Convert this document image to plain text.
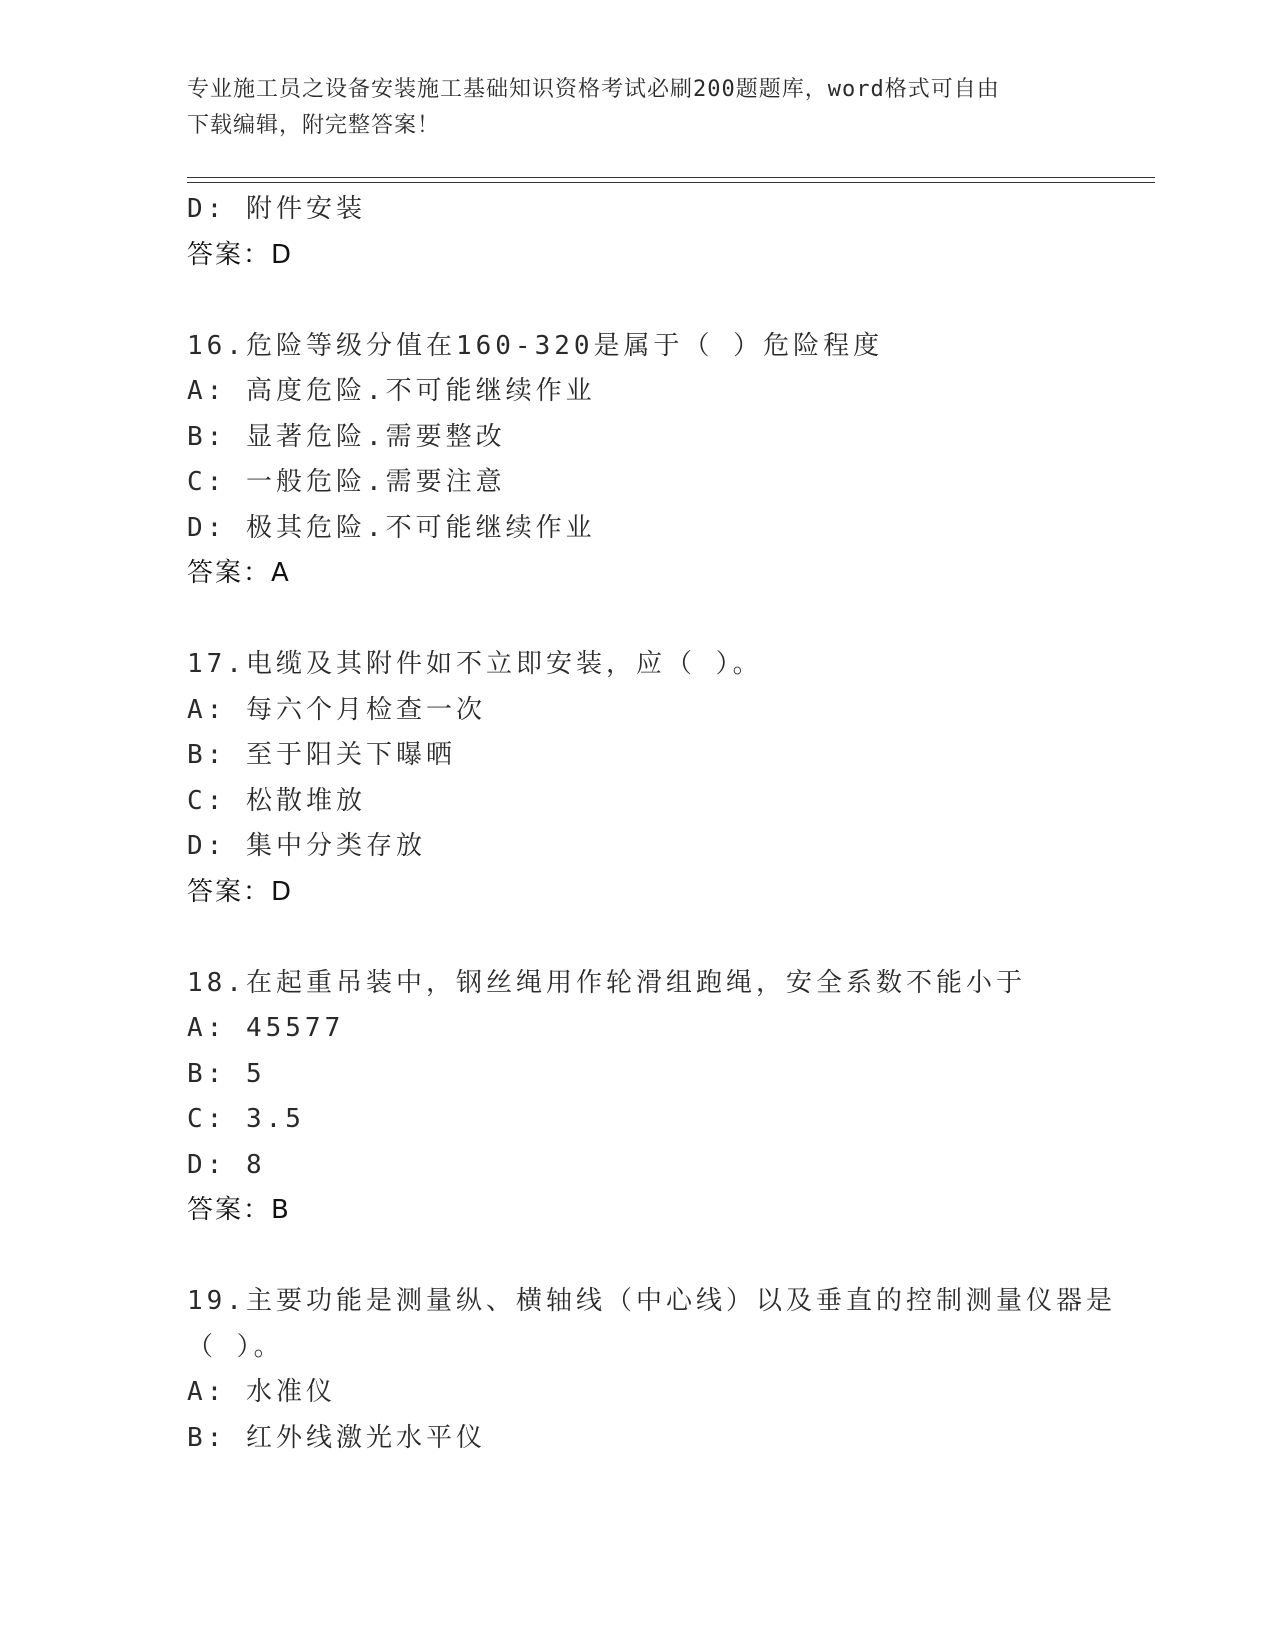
专业施工员之设备安装施工基础知识资格考试必刷200题题库，word格式可自由
下载编辑，附完整答案！
D: 附件安装
答案：D
16.危险等级分值在160-320是属于（ ）危险程度
A: 高度危险.不可能继续作业
B: 显著危险.需要整改
C: 一般危险.需要注意
D: 极其危险.不可能继续作业
答案：A
17.电缆及其附件如不立即安装，应（ ）。
A: 每六个月检查一次
B: 至于阳关下曝晒
C: 松散堆放
D: 集中分类存放
答案：D
18.在起重吊装中，钢丝绳用作轮滑组跑绳，安全系数不能小于
A: 45577
B: 5
C: 3.5
D: 8
答案：B
19.主要功能是测量纵、横轴线（中心线）以及垂直的控制测量仪器是
（ ）。
A: 水准仪
B: 红外线激光水平仪
